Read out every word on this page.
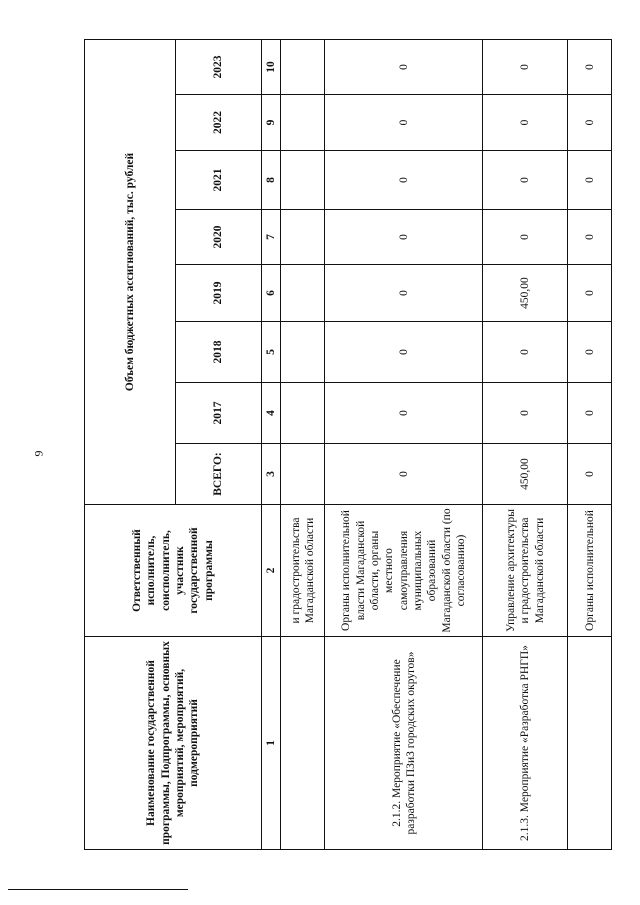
9
Наименование государственной программы, Подпрограммы, основных мероприятий, мероприятий, подмероприятий	Ответственный исполнитель, соисполнитель, участник государственной программы	Объем бюджетных ассигнований, тыс. рублей							
		ВСЕГО:	2017	2018	2019	2020	2021	2022	2023
1	2	3	4	5	6	7	8	9	10
	и градостроительства Магаданской области								
2.1.2. Мероприятие «Обеспечение разработки ПЗиЗ городских округов»	Органы исполнительной власти Магаданской области, органы местного самоуправления муниципальных образований Магаданской области (по согласованию)	0	0	0	0	0	0	0	0
2.1.3. Мероприятие «Разработка РНГП»	Управление архитектуры и градостроительства Магаданской области	450,00	0	0	450,00	0	0	0	0
	Органы исполнительной	0	0	0	0	0	0	0	0
